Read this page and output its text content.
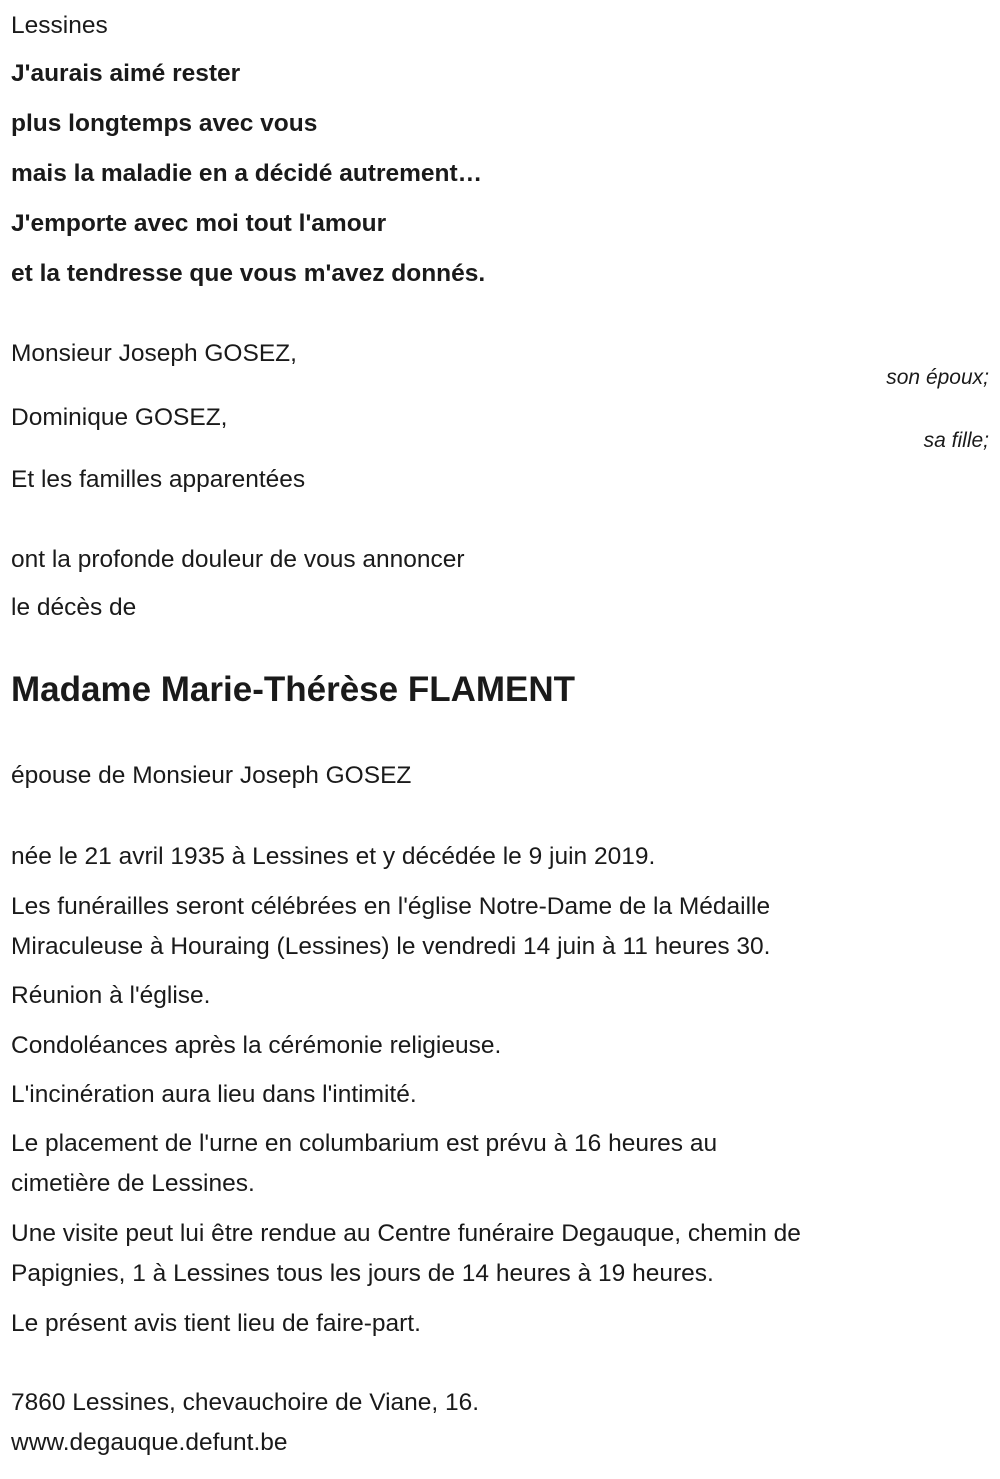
Lessines
J'aurais aimé rester
plus longtemps avec vous
mais la maladie en a décidé autrement…
J'emporte avec moi tout l'amour
et la tendresse que vous m'avez donnés.
Monsieur Joseph GOSEZ,
son époux;
Dominique GOSEZ,
sa fille;
Et les familles apparentées
ont la profonde douleur de vous annoncer
le décès de
Madame Marie-Thérèse FLAMENT
épouse de Monsieur Joseph GOSEZ
née le 21 avril 1935 à Lessines et y décédée le 9 juin 2019.
Les funérailles seront célébrées en l'église Notre-Dame de la Médaille
Miraculeuse à Houraing (Lessines) le vendredi 14 juin à 11 heures 30.
Réunion à l'église.
Condoléances après la cérémonie religieuse.
L'incinération aura lieu dans l'intimité.
Le placement de l'urne en columbarium est prévu à 16 heures au
cimetière de Lessines.
Une visite peut lui être rendue au Centre funéraire Degauque, chemin de
Papignies, 1 à Lessines tous les jours de 14 heures à 19 heures.
Le présent avis tient lieu de faire-part.
7860 Lessines, chevauchoire de Viane, 16.
www.degauque.defunt.be
